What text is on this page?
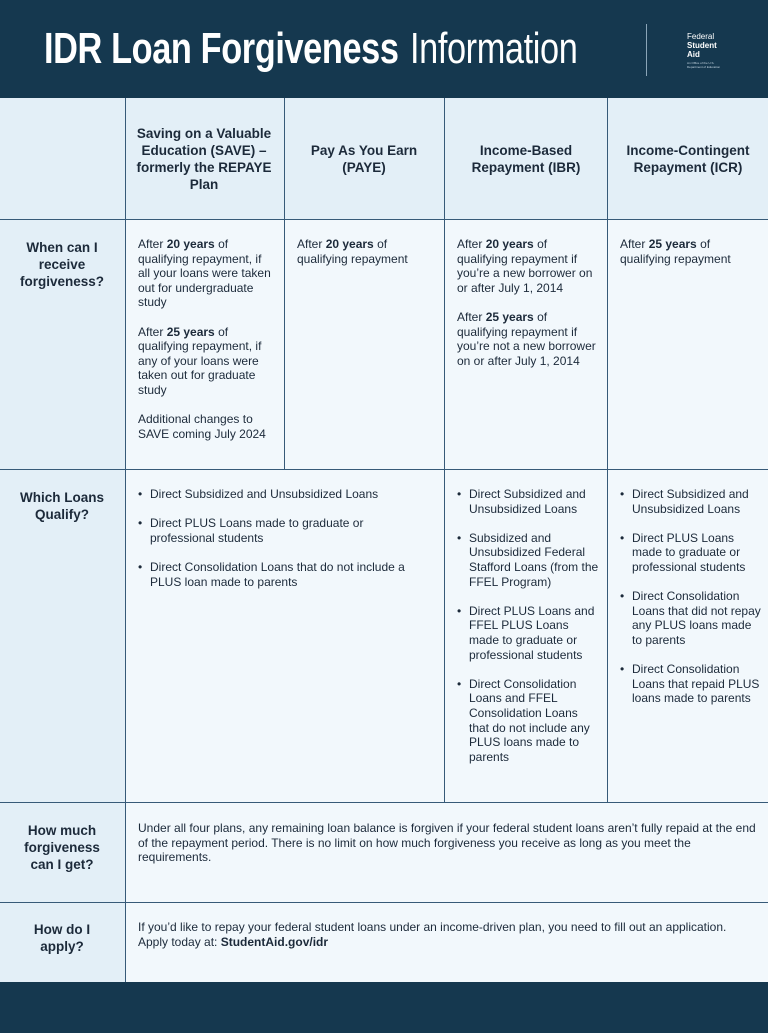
IDR Loan Forgiveness Information	Federal
Student
Aid
An Office of the U.S. Department of Education
Saving on a Valuable Education (SAVE) – formerly the REPAYE Plan
Pay As You Earn (PAYE)
Income-Based Repayment (IBR)
Income-Contingent Repayment (ICR)
When can I receive forgiveness?

After 20 years of qualifying repayment, if all your loans were taken out for undergraduate study

After 25 years of qualifying repayment, if any of your loans were taken out for graduate study

Additional changes to SAVE coming July 2024

After 20 years of qualifying repayment

After 20 years of qualifying repayment if you’re a new borrower on or after July 1, 2014

After 25 years of qualifying repayment if you’re not a new borrower on or after July 1, 2014

After 25 years of qualifying repayment

Which Loans Qualify?
• Direct Subsidized and Unsubsidized Loans
• Direct PLUS Loans made to graduate or professional students
• Direct Consolidation Loans that do not include a PLUS loan made to parents
• Direct Subsidized and Unsubsidized Loans
• Subsidized and Unsubsidized Federal Stafford Loans (from the FFEL Program)
• Direct PLUS Loans and FFEL PLUS Loans made to graduate or professional students
• Direct Consolidation Loans and FFEL Consolidation Loans that do not include any PLUS loans made to parents
• Direct Subsidized and Unsubsidized Loans
• Direct PLUS Loans made to graduate or professional students
• Direct Consolidation Loans that did not repay any PLUS loans made to parents
• Direct Consolidation Loans that repaid PLUS loans made to parents
How much forgiveness can I get?
Under all four plans, any remaining loan balance is forgiven if your federal student loans aren’t fully repaid at the end of the repayment period. There is no limit on how much forgiveness you receive as long as you meet the requirements.
How do I apply?
If you’d like to repay your federal student loans under an income-driven plan, you need to fill out an application. Apply today at: StudentAid.gov/idr
